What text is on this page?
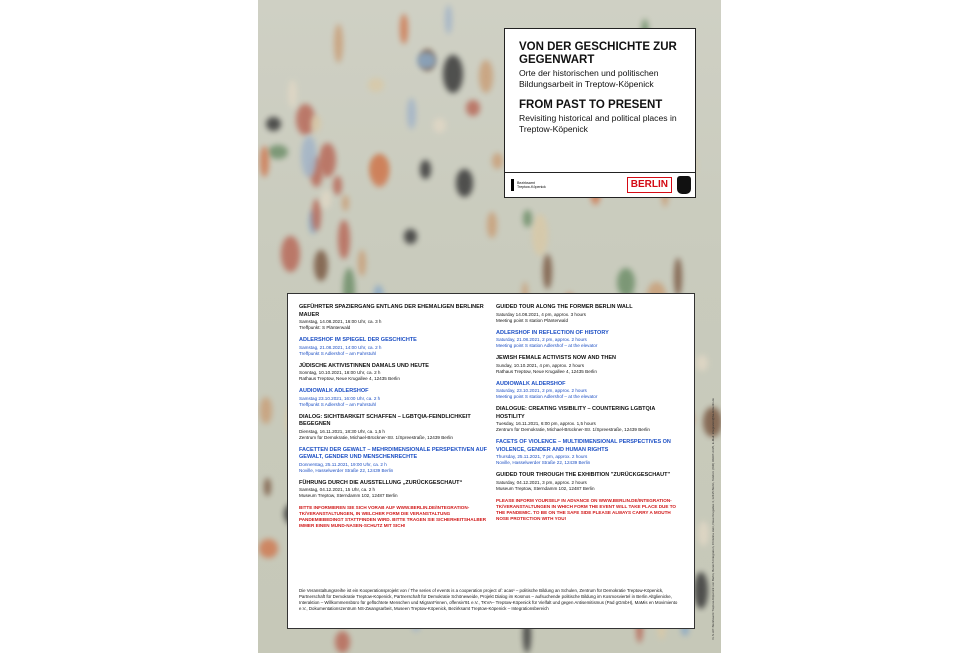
VON DER GESCHICHTE ZUR GEGENWART

Orte der historischen und politischen Bildungsarbeit in Treptow-Köpenick

FROM PAST TO PRESENT

Revisiting historical and political places in Treptow-Köpenick

Bezirksamt
Treptow-Köpenick	BERLIN

GEFÜHRTER SPAZIERGANG ENTLANG DER EHEMALIGEN BERLINER MAUER

Samstag, 14.08.2021, 16:00 Uhr, ca. 3 h

Treffpunkt: S Plänterwald

ADLERSHOF IM SPIEGEL DER GESCHICHTE

Samstag, 21.08.2021, 14:00 Uhr, ca. 2 h

Treffpunkt S Adlershof – am Fahrstuhl

JÜDISCHE AKTIVISTINNEN DAMALS UND HEUTE

Sonntag, 10.10.2021, 16:00 Uhr, ca. 2 h

Rathaus Treptow, Neue Krugallee 4, 12435 Berlin

AUDIOWALK ADLERSHOF

Samstag 23.10.2021, 16:00 Uhr, ca. 2 h

Treffpunkt S Adlershof – am Fahrstuhl

DIALOG: SICHTBARKEIT SCHAFFEN – LGBTQIA-FEINDLICHKEIT BEGEGNEN

Dienstag, 16.11.2021, 18:30 Uhr, ca. 1,5 h

Zentrum für Demokratie, Michael-Brückner-Str. 1/Spreestraße, 12439 Berlin

FACETTEN DER GEWALT – MEHRDIMENSIONALE PERSPEKTIVEN AUF GEWALT, GENDER UND MENSCHENRECHTE

Donnerstag, 25.11.2021, 19:00 Uhr, ca. 2 h

Noville, Hasselwerder Straße 22, 12439 Berlin

FÜHRUNG DURCH DIE AUSSTELLUNG „ZURÜCKGESCHAUT“

Samstag, 04.12.2021, 15 Uhr, ca. 2 h

Museum Treptow, Sterndamm 102, 12487 Berlin

BITTE INFORMIEREN SIE SICH VORAB AUF WWW.BERLIN.DE/INTEGRATION-TK/VERANSTALTUNGEN, IN WELCHER FORM DIE VERANSTALTUNG PANDEMIEBEDINGT STATTFINDEN WIRD. BITTE TRAGEN SIE SICHERHEITSHALBER IMMER EINEN MUND-NASEN-SCHUTZ MIT SICH!

GUIDED TOUR ALONG THE FORMER BERLIN WALL

Saturday 14.08.2021, 4 pm, approx. 3 hours

Meeting point S station Plänterwald

ADLERSHOF IN REFLECTION OF HISTORY

Saturday, 21.08.2021, 2 pm, approx. 2 hours

Meeting point S station Adlershof – at the elevator

JEWISH FEMALE ACTIVISTS NOW AND THEN

Sunday, 10.10.2021, 4 pm, approx. 2 hours

Rathaus Treptow, Neue Krugallee 4, 12435 Berlin

AUDIOWALK ALDERSHOF

Saturday, 23.10.2021, 2 pm, approx. 2 hours

Meeting point S station Adlershof – at the elevator

DIALOGUE: CREATING VISIBILITY – COUNTERING LGBTQIA HOSTILITY

Tuesday, 16.11.2021, 6:00 pm, approx. 1,5 hours

Zentrum für Demokratie, Michael-Brückner-Str. 1/Spreestraße, 12439 Berlin

FACETS OF VIOLENCE – MULTIDIMENSIONAL PERSPECTIVES ON VIOLENCE, GENDER AND HUMAN RIGHTS

Thursday, 25.11.2021, 7 pm, approx. 2 hours

Noville, Hasselwerder Straße 22, 12439 Berlin

GUIDED TOUR THROUGH THE EXHIBITION "ZURÜCKGESCHAUT"

Saturday, 04.12.2021, 3 pm, approx. 2 hours

Museum Treptow, Sterndamm 102, 12487 Berlin

PLEASE INFORM YOURSELF IN ADVANCE ON WWW.BERLIN.DE/INTEGRATION-TK/VERANSTALTUNGEN IN WHICH FORM THE EVENT WILL TAKE PLACE DUE TO THE PANDEMIC. TO BE ON THE SAFE SIDE PLEASE ALWAYS CARRY A MOUTH NOSE PROTECTION WITH YOU!
Die Veranstaltungsreihe ist ein Kooperationsprojekt von / The series of events is a cooperation project of: acas¹ – politische Bildung an Schulen, Zentrum für Demokratie Treptow-Köpenick, Partnerschaft für Demokratie Treptow-Köpenick, Partnerschaft für Demokratie Schöneweide, Projekt Dialog im Kosmos – aufsuchende politische Bildung im Kosmosviertel in Berlin Altglienicke, Interaktion – Willkommensbüro für geflüchtete Menschen und Migrant*innen, offensiv'91 e.V., TKVA– Treptow-Köpenick für Vielfalt und gegen Antisemitismus (Pad gGmbH), MaMis en Movimiento e.V., Dokumentationszentrum NS-Zwangsarbeit, Museen Treptow-Köpenick, Bezirksamt Treptow-Köpenick – Integrationsbereich	V.i.S.d.P. Bezirksamt Treptow-Köpenick von Berlin, Bereich Integration, Christina Hein, Neue Krugallee 4, 12435 Berlin, Telefon: (030) 90297-2335, E-Mail: integration@ba-tk.berlin.de
